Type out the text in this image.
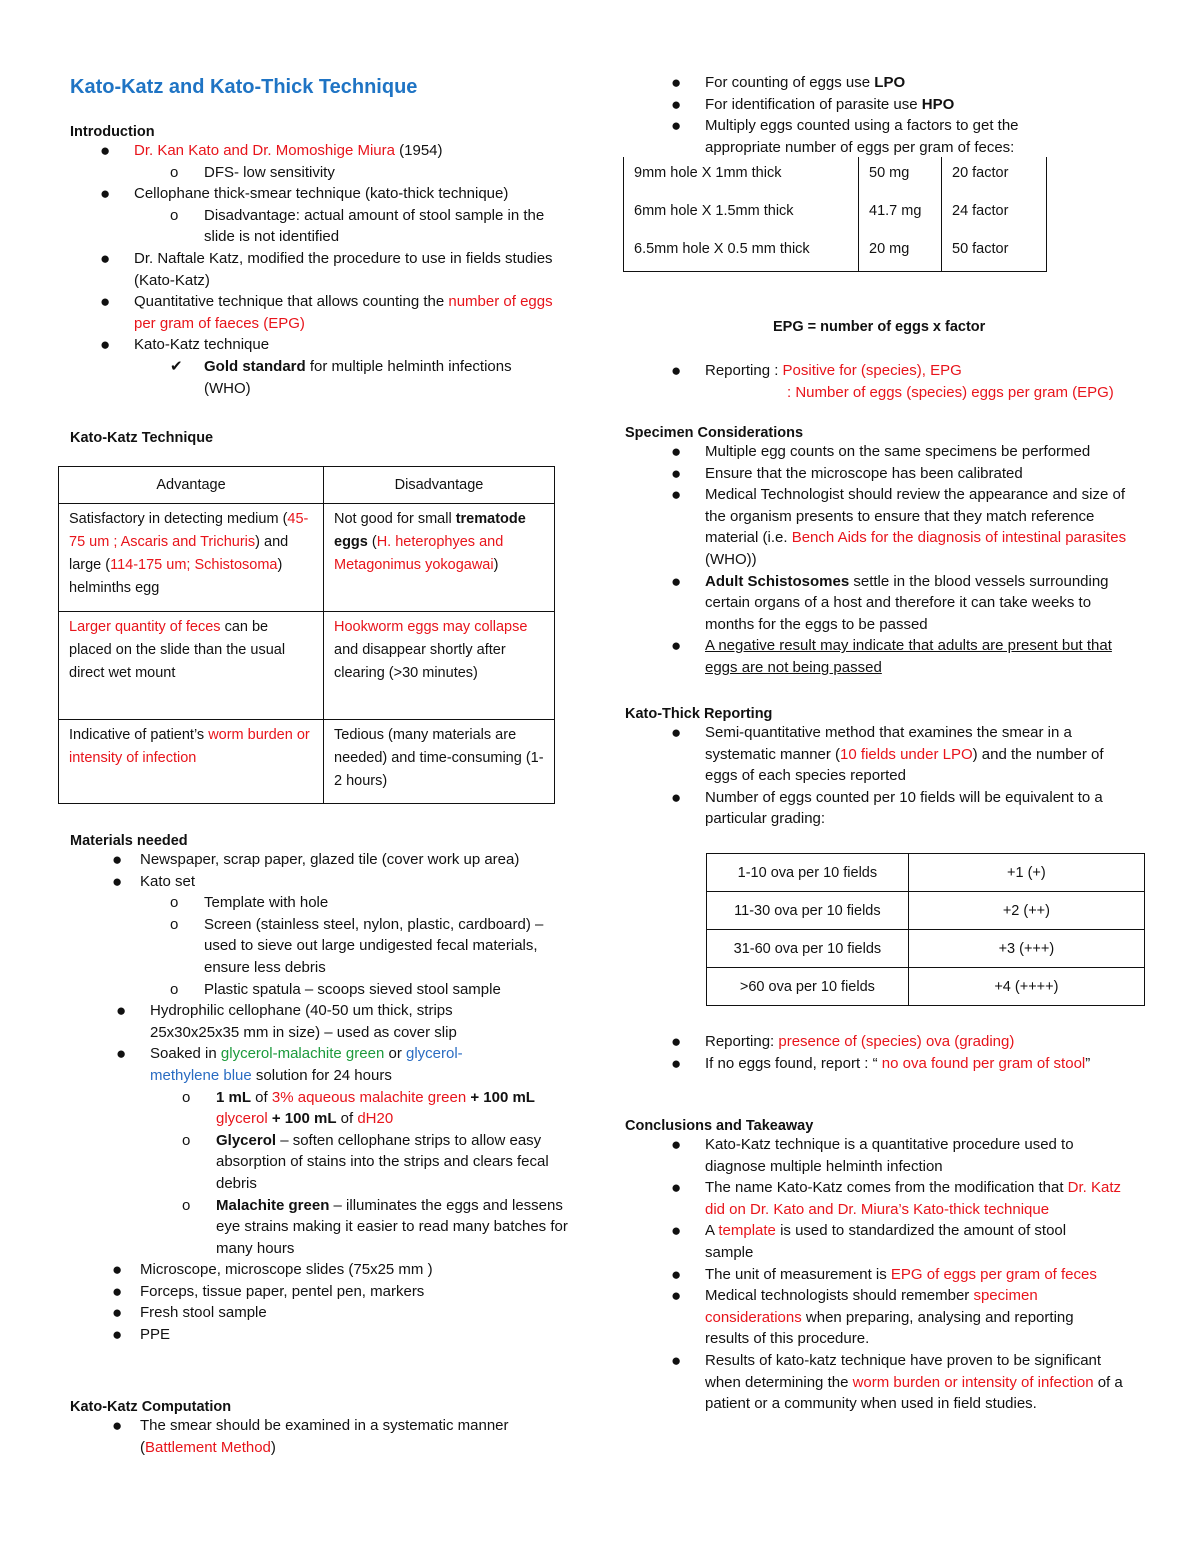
Kato-Katz and Kato-Thick Technique
Introduction
● Dr. Kan Kato and Dr. Momoshige Miura (1954)
o DFS- low sensitivity
● Cellophane thick-smear technique (kato-thick technique)
o Disadvantage: actual amount of stool sample in the slide is not identified
● Dr. Naftale Katz, modified the procedure to use in fields studies (Kato-Katz)
● Quantitative technique that allows counting the number of eggs per gram of faeces (EPG)
● Kato-Katz technique
✔ Gold standard for multiple helminth infections (WHO)
Kato-Katz Technique
Advantage	Disadvantage
Satisfactory in detecting medium (45-75 um ; Ascaris and Trichuris) and large (114-175 um; Schistosoma) helminths egg	Not good for small trematode eggs (H. heterophyes and Metagonimus yokogawai)
Larger quantity of feces can be placed on the slide than the usual direct wet mount	Hookworm eggs may collapse and disappear shortly after clearing (>30 minutes)
Indicative of patient’s worm burden or intensity of infection	Tedious (many materials are needed) and time-consuming (1-2 hours)
Materials needed
● Newspaper, scrap paper, glazed tile (cover work up area)
● Kato set
o Template with hole
o Screen (stainless steel, nylon, plastic, cardboard) – used to sieve out large undigested fecal materials, ensure less debris
o Plastic spatula – scoops sieved stool sample
● Hydrophilic cellophane (40-50 um thick, strips 25x30x25x35 mm in size) – used as cover slip
● Soaked in glycerol-malachite green or glycerol-methylene blue solution for 24 hours
o 1 mL of 3% aqueous malachite green + 100 mL glycerol + 100 mL of dH20
o Glycerol – soften cellophane strips to allow easy absorption of stains into the strips and clears fecal debris
o Malachite green – illuminates the eggs and lessens eye strains making it easier to read many batches for many hours
● Microscope, microscope slides (75x25 mm )
● Forceps, tissue paper, pentel pen, markers
● Fresh stool sample
● PPE
Kato-Katz Computation
● The smear should be examined in a systematic manner (Battlement Method)
● For counting of eggs use LPO
● For identification of parasite use HPO
● Multiply eggs counted using a factors to get the appropriate number of eggs per gram of feces:
9mm hole X 1mm thick	50 mg	20 factor
6mm hole X 1.5mm thick	41.7 mg	24 factor
6.5mm hole X 0.5 mm thick	20 mg	50 factor
EPG = number of eggs x factor
● Reporting : Positive for (species), EPG
: Number of eggs (species) eggs per gram (EPG)
Specimen Considerations
● Multiple egg counts on the same specimens be performed
● Ensure that the microscope has been calibrated
● Medical Technologist should review the appearance and size of the organism presents to ensure that they match reference material (i.e. Bench Aids for the diagnosis of intestinal parasites (WHO))
● Adult Schistosomes settle in the blood vessels surrounding certain organs of a host and therefore it can take weeks to months for the eggs to be passed
● A negative result may indicate that adults are present but that eggs are not being passed
Kato-Thick Reporting
● Semi-quantitative method that examines the smear in a systematic manner (10 fields under LPO) and the number of eggs of each species reported
● Number of eggs counted per 10 fields will be equivalent to a particular grading:
1-10 ova per 10 fields	+1 (+)
11-30 ova per 10 fields	+2 (++)
31-60 ova per 10 fields	+3 (+++)
>60 ova per 10 fields	+4 (++++)
● Reporting: presence of (species) ova (grading)
● If no eggs found, report : “ no ova found per gram of stool”
Conclusions and Takeaway
● Kato-Katz technique is a quantitative procedure used to diagnose multiple helminth infection
● The name Kato-Katz comes from the modification that Dr. Katz did on Dr. Kato and Dr. Miura’s Kato-thick technique
● A template is used to standardized the amount of stool sample
● The unit of measurement is EPG of eggs per gram of feces
● Medical technologists should remember specimen considerations when preparing, analysing and reporting results of this procedure.
● Results of kato-katz technique have proven to be significant when determining the worm burden or intensity of infection of a patient or a community when used in field studies.
